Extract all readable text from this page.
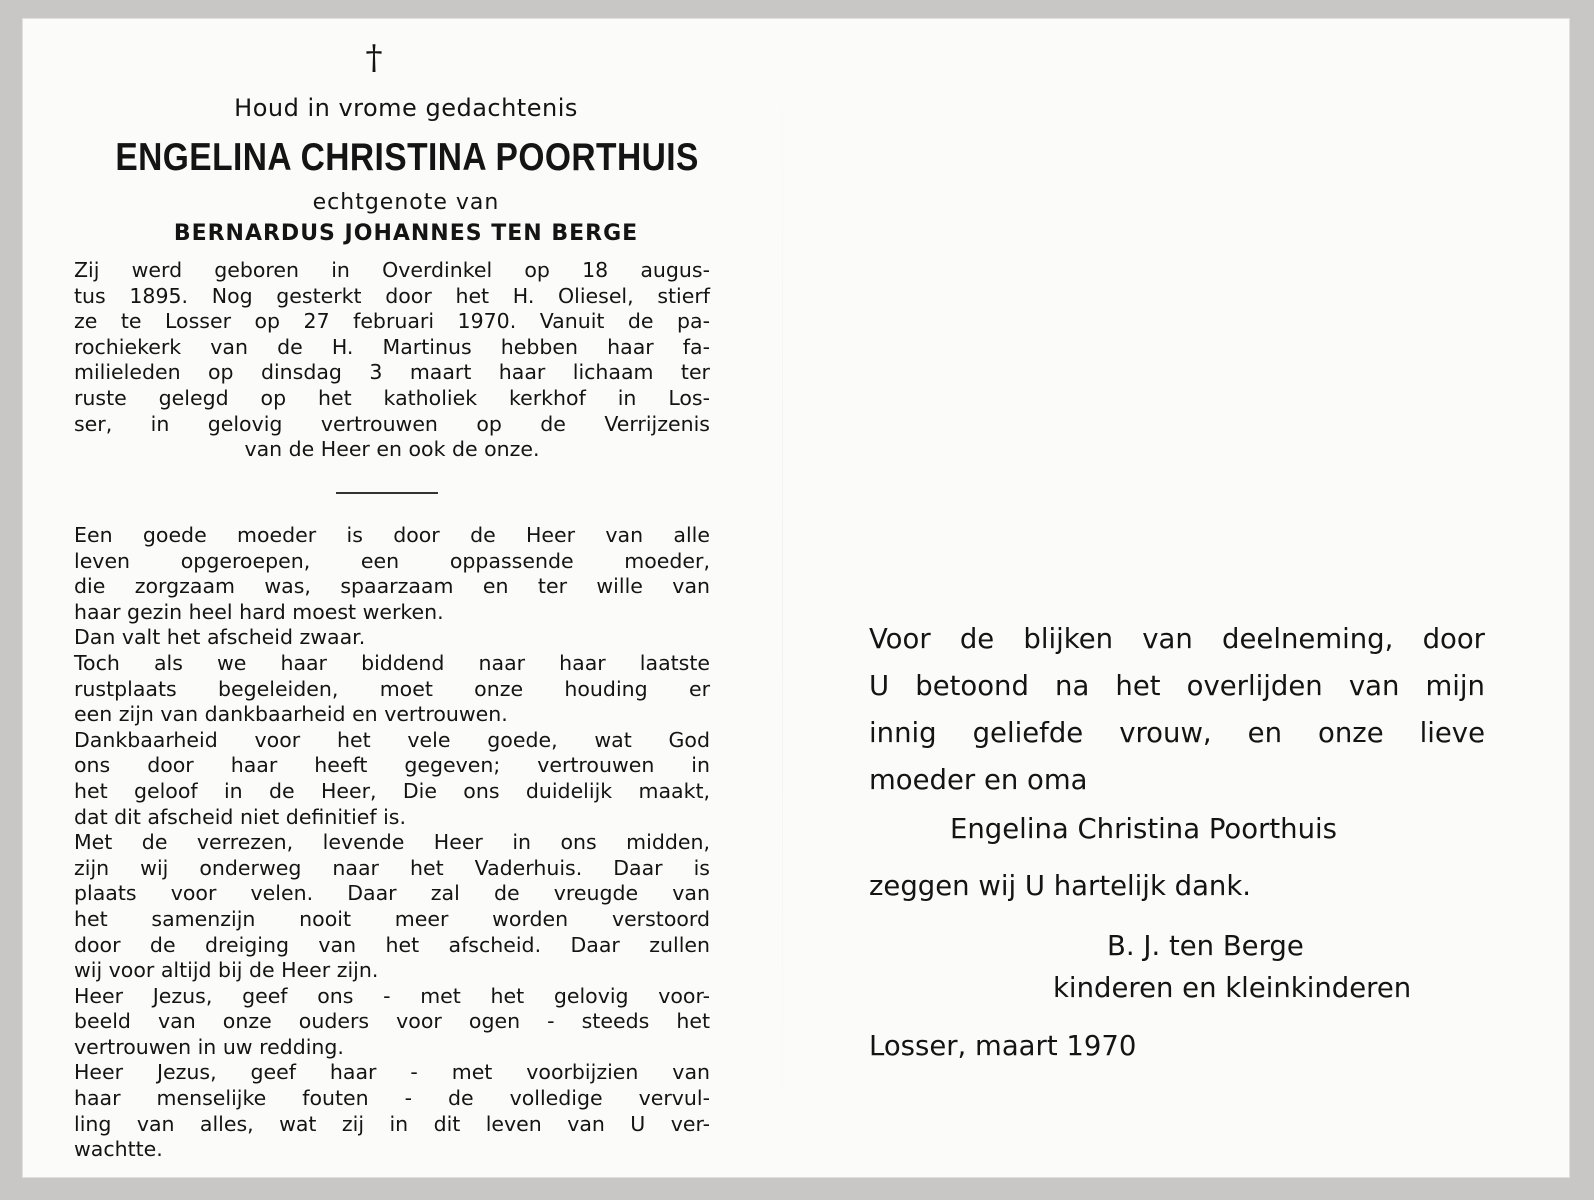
†
Houd in vrome gedachtenis
ENGELINA CHRISTINA POORTHUIS
echtgenote van
BERNARDUS JOHANNES TEN BERGE
Zij werd geboren in Overdinkel op 18 augus-
tus 1895. Nog gesterkt door het H. Oliesel, stierf
ze te Losser op 27 februari 1970. Vanuit de pa-
rochiekerk van de H. Martinus hebben haar fa-
milieleden op dinsdag 3 maart haar lichaam ter
ruste gelegd op het katholiek kerkhof in Los-
ser, in gelovig vertrouwen op de Verrijzenis
van de Heer en ook de onze.
Een goede moeder is door de Heer van alle
leven opgeroepen, een oppassende moeder,
die zorgzaam was, spaarzaam en ter wille van
haar gezin heel hard moest werken.
Dan valt het afscheid zwaar.
Toch als we haar biddend naar haar laatste
rustplaats begeleiden, moet onze houding er
een zijn van dankbaarheid en vertrouwen.
Dankbaarheid voor het vele goede, wat God
ons door haar heeft gegeven; vertrouwen in
het geloof in de Heer, Die ons duidelijk maakt,
dat dit afscheid niet definitief is.
Met de verrezen, levende Heer in ons midden,
zijn wij onderweg naar het Vaderhuis. Daar is
plaats voor velen. Daar zal de vreugde van
het samenzijn nooit meer worden verstoord
door de dreiging van het afscheid. Daar zullen
wij voor altijd bij de Heer zijn.
Heer Jezus, geef ons - met het gelovig voor-
beeld van onze ouders voor ogen - steeds het
vertrouwen in uw redding.
Heer Jezus, geef haar - met voorbijzien van
haar menselijke fouten - de volledige vervul-
ling van alles, wat zij in dit leven van U ver-
wachtte.
Voor de blijken van deelneming, door
U betoond na het overlijden van mijn
innig geliefde vrouw, en onze lieve
moeder en oma
Engelina Christina Poorthuis
zeggen wij U hartelijk dank.
B. J. ten Berge
kinderen en kleinkinderen
Losser, maart 1970
